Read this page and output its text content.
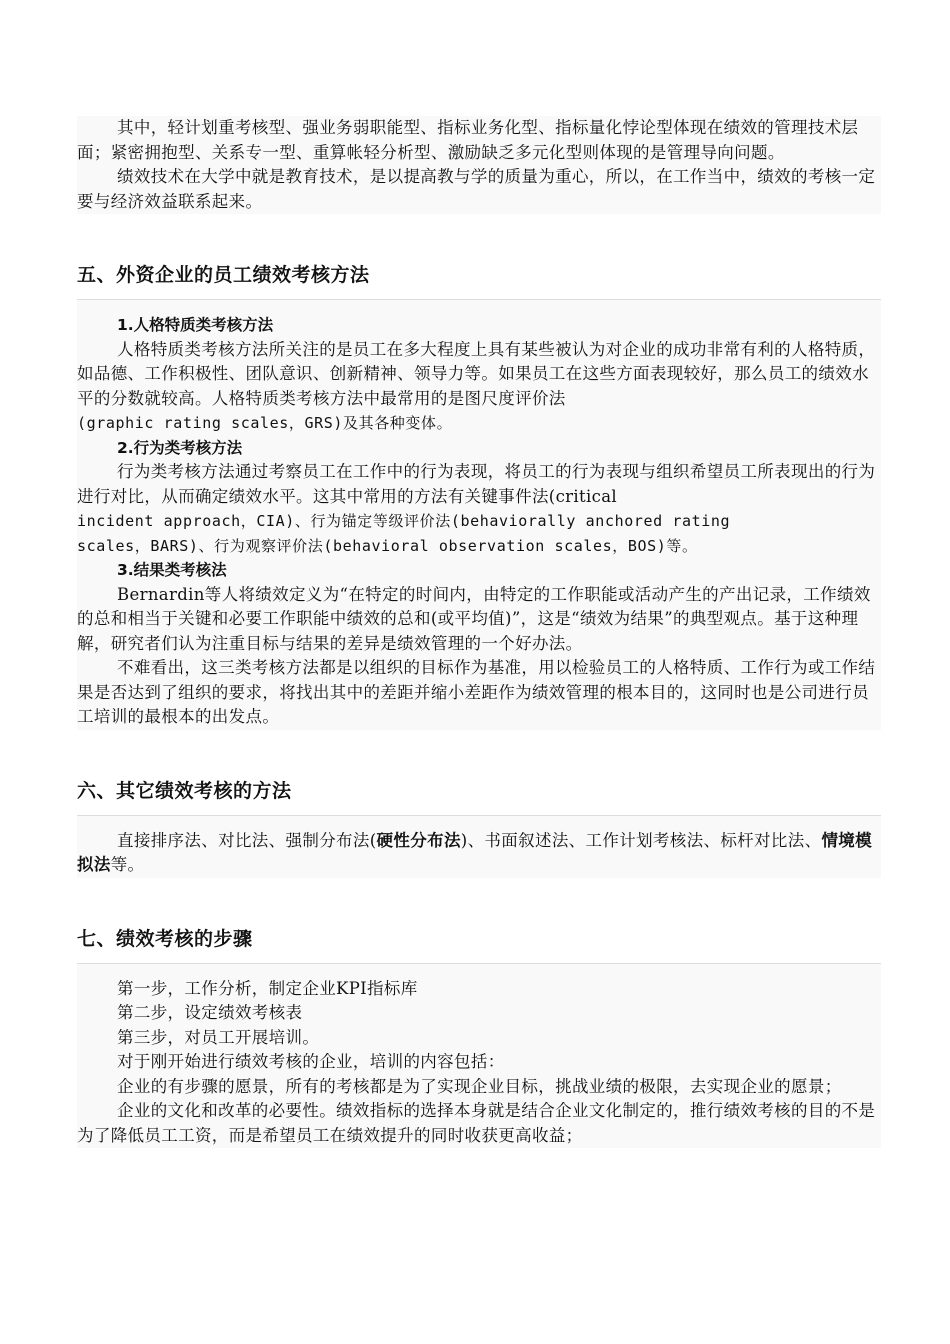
其中，轻计划重考核型、强业务弱职能型、指标业务化型、指标量化悖论型体现在绩效的管理技术层面；紧密拥抱型、关系专一型、重算帐轻分析型、激励缺乏多元化型则体现的是管理导向问题。

绩效技术在大学中就是教育技术，是以提高教与学的质量为重心，所以，在工作当中，绩效的考核一定要与经济效益联系起来。

五、外资企业的员工绩效考核方法
1.人格特质类考核方法

人格特质类考核方法所关注的是员工在多大程度上具有某些被认为对企业的成功非常有利的人格特质，如品德、工作积极性、团队意识、创新精神、领导力等。如果员工在这些方面表现较好，那么员工的绩效水平的分数就较高。人格特质类考核方法中最常用的是图尺度评价法
(graphic rating scales，GRS)及其各种变体。

2.行为类考核方法

行为类考核方法通过考察员工在工作中的行为表现，将员工的行为表现与组织希望员工所表现出的行为进行对比，从而确定绩效水平。这其中常用的方法有关键事件法(critical
incident approach，CIA)、行为锚定等级评价法(behaviorally anchored rating
scales，BARS)、行为观察评价法(behavioral observation scales，BOS)等。

3.结果类考核法

Bernardin等人将绩效定义为“在特定的时间内，由特定的工作职能或活动产生的产出记录，工作绩效的总和相当于关键和必要工作职能中绩效的总和(或平均值)”，这是“绩效为结果”的典型观点。基于这种理解，研究者们认为注重目标与结果的差异是绩效管理的一个好办法。

不难看出，这三类考核方法都是以组织的目标作为基准，用以检验员工的人格特质、工作行为或工作结果是否达到了组织的要求，将找出其中的差距并缩小差距作为绩效管理的根本目的，这同时也是公司进行员工培训的最根本的出发点。

六、其它绩效考核的方法

直接排序法、对比法、强制分布法(硬性分布法)、书面叙述法、工作计划考核法、标杆对比法、情境模拟法等。

七、绩效考核的步骤

第一步，工作分析，制定企业KPI指标库

第二步，设定绩效考核表

第三步，对员工开展培训。

对于刚开始进行绩效考核的企业，培训的内容包括：

企业的有步骤的愿景，所有的考核都是为了实现企业目标，挑战业绩的极限，去实现企业的愿景；

企业的文化和改革的必要性。绩效指标的选择本身就是结合企业文化制定的，推行绩效考核的目的不是为了降低员工工资，而是希望员工在绩效提升的同时收获更高收益；
